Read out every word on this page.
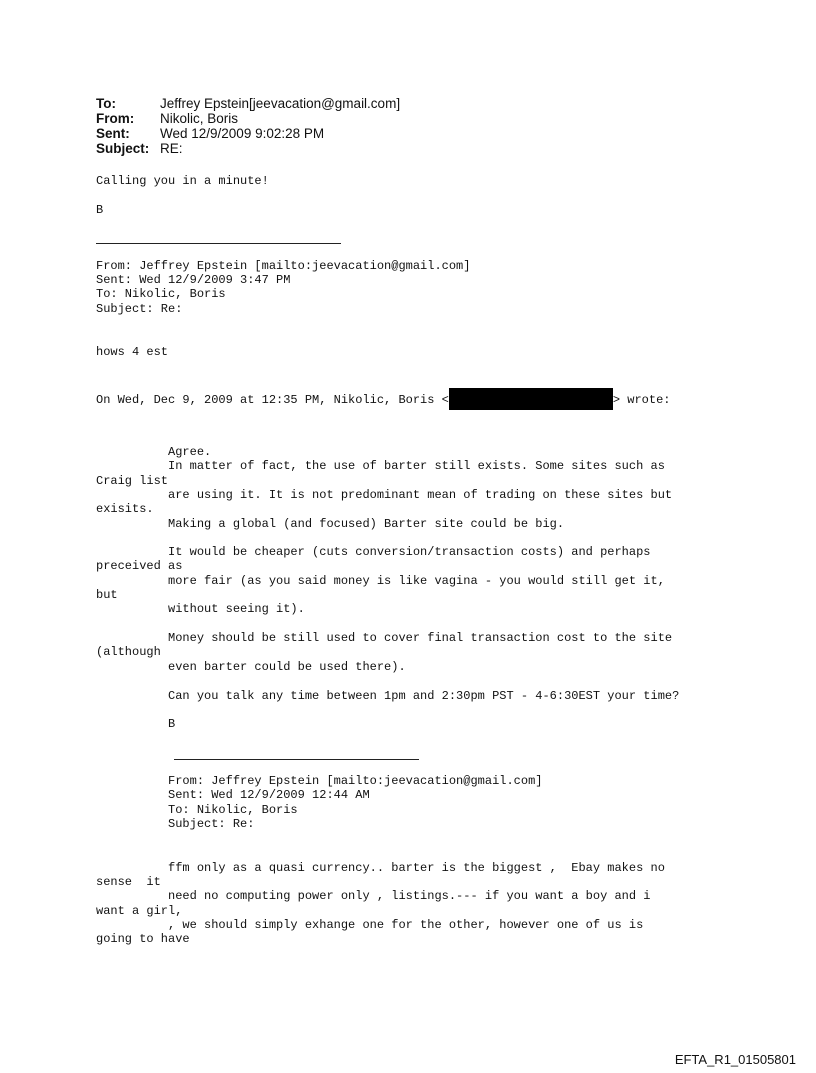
To:	Jeffrey Epstein[jeevacation@gmail.com]
From:	Nikolic, Boris
Sent:	Wed 12/9/2009 9:02:28 PM
Subject: RE:
Calling you in a minute!
B
From: Jeffrey Epstein [mailto:jeevacation@gmail.com]
Sent: Wed 12/9/2009 3:47 PM
To: Nikolic, Boris
Subject: Re:
hows 4 est
On Wed, Dec 9, 2009 at 12:35 PM, Nikolic, Boris <	> wrote:
Agree.
In matter of fact, the use of barter still exists. Some sites such as
Craig list
are using it. It is not predominant mean of trading on these sites but
exisits.
Making a global (and focused) Barter site could be big.
It would be cheaper (cuts conversion/transaction costs) and perhaps
preceived as
more fair (as you said money is like vagina - you would still get it,
but
without seeing it).
Money should be still used to cover final transaction cost to the site
(although
even barter could be used there).
Can you talk any time between 1pm and 2:30pm PST - 4-6:30EST your time?
B
From: Jeffrey Epstein [mailto:jeevacation@gmail.com]
Sent: Wed 12/9/2009 12:44 AM
To: Nikolic, Boris
Subject: Re:
ffm only as a quasi currency.. barter is the biggest ,  Ebay makes no
sense  it
need no computing power only , listings.--- if you want a boy and i
want a girl,
, we should simply exhange one for the other, however one of us is
going to have
EFTA_R1_01505801
